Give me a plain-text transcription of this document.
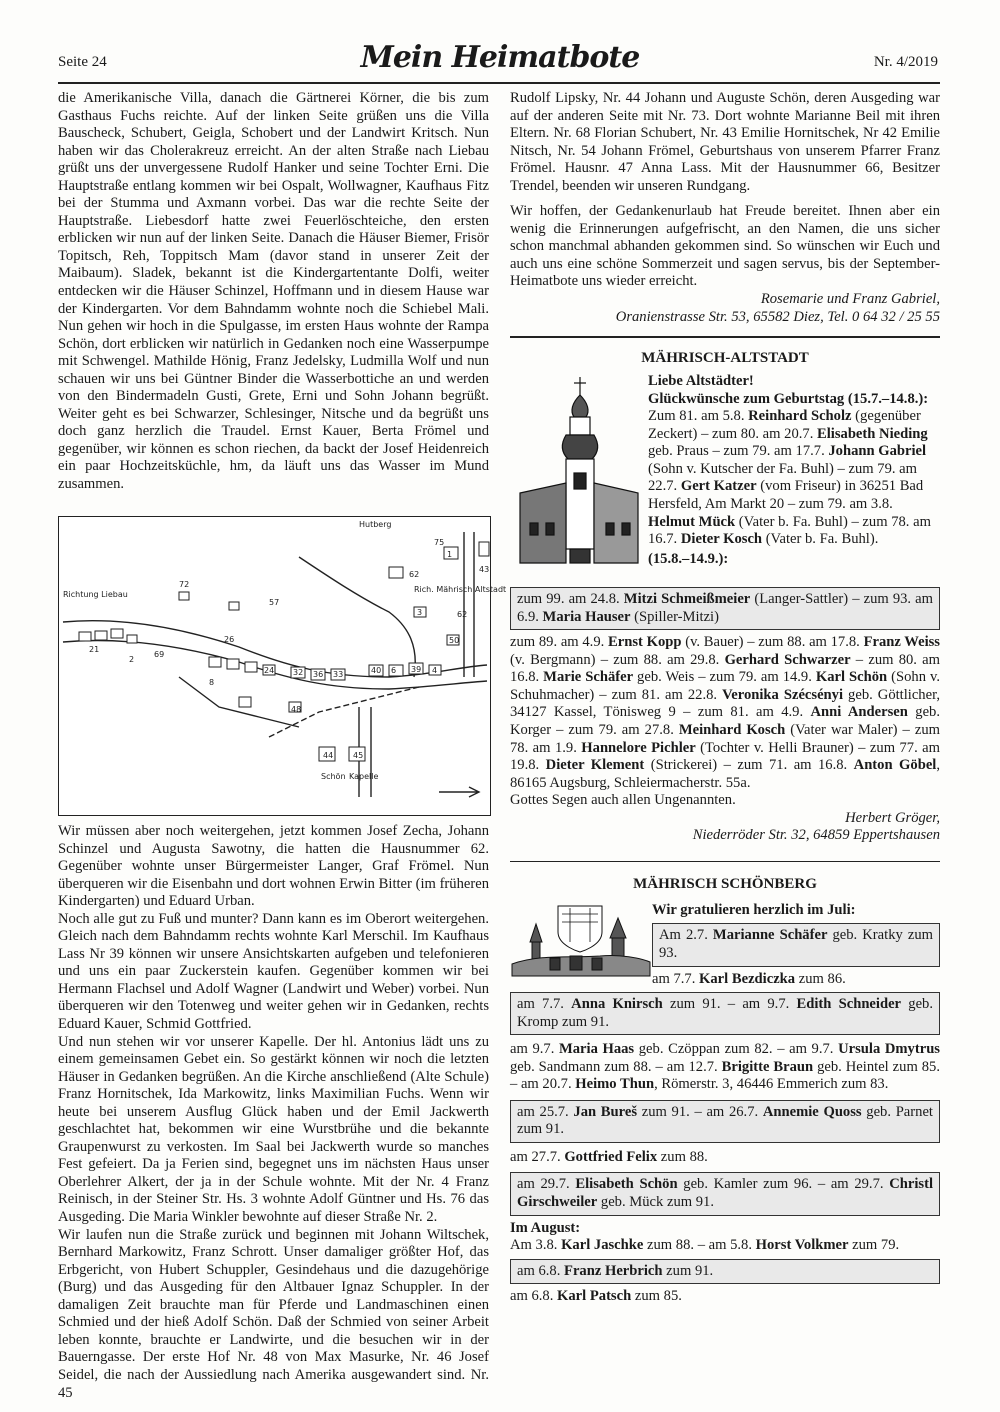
Seite 24	Mein Heimatbote	Nr. 4/2019

die Amerikanische Villa, danach die Gärtnerei Körner, die bis zum Gasthaus Fuchs reichte. Auf der linken Seite grüßen uns die Villa Bauscheck, Schubert, Geigla, Schobert und der Landwirt Kritsch. Nun haben wir das Cholerakreuz erreicht. An der alten Straße nach Liebau grüßt uns der unvergessene Rudolf Hanker und seine Tochter Erni. Die Hauptstraße entlang kommen wir bei Ospalt, Wollwagner, Kaufhaus Fitz bei der Stumma und Axmann vorbei. Das war die rechte Seite der Hauptstraße. Liebesdorf hatte zwei Feuerlöschteiche, den ersten erblicken wir nun auf der linken Seite. Danach die Häuser Biemer, Frisör Topitsch, Reh, Toppitsch Mam (davor stand in unserer Zeit der Maibaum). Sladek, bekannt ist die Kindergartentante Dolfi, weiter entdecken wir die Häuser Schinzel, Hoffmann und in diesem Hause war der Kindergarten. Vor dem Bahndamm wohnte noch die Schiebel Mali. Nun gehen wir hoch in die Spulgasse, im ersten Haus wohnte der Rampa Schön, dort erblicken wir natürlich in Gedanken noch eine Wasserpumpe mit Schwengel. Mathilde Hönig, Franz Jedelsky, Ludmilla Wolf und nun schauen wir uns bei Güntner Binder die Wasserbottiche an und werden von den Bindermadeln Gusti, Grete, Erni und Sohn Johann begrüßt. Weiter geht es bei Schwarzer, Schlesinger, Nitsche und da begrüßt uns doch ganz herzlich die Traudel. Ernst Kauer, Berta Frömel und gegenüber, wir können es schon riechen, da backt der Josef Heidenreich ein paar Hochzeitsküchle, hm, da läuft uns das Wasser im Mund zusammen.

Richtung Liebau
Hutberg
Rich. Mährisch Altstadt
Schön Kapelle
72
57
75
1
62
3
50
39
44 45
40 6
33
36
32
24
21
8
26
43
4
2
69
62
48

Wir müssen aber noch weitergehen, jetzt kommen Josef Zecha, Johann Schinzel und Augusta Sawotny, die hatten die Hausnummer 62. Gegenüber wohnte unser Bürgermeister Langer, Graf Frömel. Nun überqueren wir die Eisenbahn und dort wohnen Erwin Bitter (im früheren Kindergarten) und Eduard Urban.

Noch alle gut zu Fuß und munter? Dann kann es im Oberort weitergehen. Gleich nach dem Bahndamm rechts wohnte Karl Merschil. Im Kaufhaus Lass Nr 39 können wir unsere Ansichtskarten aufgeben und telefonieren und uns ein paar Zuckerstein kaufen. Gegenüber kommen wir bei Hermann Flachsel und Adolf Wagner (Landwirt und Weber) vorbei. Nun überqueren wir den Totenweg und weiter gehen wir in Gedanken, rechts Eduard Kauer, Schmid Gottfried.

Und nun stehen wir vor unserer Kapelle. Der hl. Antonius lädt uns zu einem gemeinsamen Gebet ein. So gestärkt können wir noch die letzten Häuser in Gedanken begrüßen. An die Kirche anschließend (Alte Schule) Franz Hornitschek, Ida Markowitz, links Maximilian Fuchs. Wenn wir heute bei unserem Ausflug Glück haben und der Emil Jackwerth geschlachtet hat, bekommen wir eine Wurstbrühe und die bekannte Graupenwurst zu verkosten. Im Saal bei Jackwerth wurde so manches Fest gefeiert. Da ja Ferien sind, begegnet uns im nächsten Haus unser Oberlehrer Alkert, der ja in der Schule wohnte. Mit der Nr. 4 Franz Reinisch, in der Steiner Str. Hs. 3 wohnte Adolf Güntner und Hs. 76 das Ausgeding. Die Maria Winkler bewohnte auf dieser Straße Nr. 2.

Wir laufen nun die Straße zurück und beginnen mit Johann Wiltschek, Bernhard Markowitz, Franz Schrott. Unser damaliger größter Hof, das Erbgericht, von Hubert Schuppler, Gesindehaus und die dazugehörige (Burg) und das Ausgeding für den Altbauer Ignaz Schuppler. In der damaligen Zeit brauchte man für Pferde und Landmaschinen einen Schmied und der hieß Adolf Schön. Daß der Schmied von seiner Arbeit leben konnte, brauchte er Landwirte, und die besuchen wir in der Bauerngasse. Der erste Hof Nr. 48 von Max Masurke, Nr. 46 Josef Seidel, die nach der Aussiedlung nach Amerika ausgewandert sind. Nr. 45

Rudolf Lipsky, Nr. 44 Johann und Auguste Schön, deren Ausgeding war auf der anderen Seite mit Nr. 73. Dort wohnte Marianne Beil mit ihren Eltern. Nr. 68 Florian Schubert, Nr. 43 Emilie Hornitschek, Nr 42 Emilie Nitsch, Nr. 54 Johann Frömel, Geburtshaus von unserem Pfarrer Franz Frömel. Hausnr. 47 Anna Lass. Mit der Hausnummer 66, Besitzer Trendel, beenden wir unseren Rundgang.

Wir hoffen, der Gedankenurlaub hat Freude bereitet. Ihnen aber ein wenig die Erinnerungen aufgefrischt, an den Namen, die uns sicher schon manchmal abhanden gekommen sind. So wünschen wir Euch und auch uns eine schöne Sommerzeit und sagen servus, bis der September-Heimatbote uns wieder erreicht.

Rosemarie und Franz Gabriel,

Oranienstrasse Str. 53, 65582 Diez, Tel. 0 64 32 / 25 55

MÄHRISCH-ALTSTADT
Liebe Altstädter!
Glückwünsche zum Geburtstag (15.7.–14.8.):
Zum 81. am 5.8. Reinhard Scholz (gegenüber Zeckert) – zum 80. am 20.7. Elisabeth Nieding geb. Praus – zum 79. am 17.7. Johann Gabriel (Sohn v. Kutscher der Fa. Buhl) – zum 79. am 22.7. Gert Katzer (vom Friseur) in 36251 Bad Hersfeld, Am Markt 20 – zum 79. am 3.8. Helmut Mück (Vater b. Fa. Buhl) – zum 78. am 16.7. Dieter Kosch (Vater b. Fa. Buhl).
(15.8.–14.9.):
zum 99. am 24.8. Mitzi Schmeißmeier (Langer-Sattler) – zum 93. am 6.9. Maria Hauser (Spiller-Mitzi)

zum 89. am 4.9. Ernst Kopp (v. Bauer) – zum 88. am 17.8. Franz Weiss (v. Bergmann) – zum 88. am 29.8. Gerhard Schwarzer – zum 80. am 16.8. Marie Schäfer geb. Weis – zum 79. am 14.9. Karl Schön (Sohn v. Schuhmacher) – zum 81. am 22.8. Veronika Szécsényi geb. Göttlicher, 34127 Kassel, Tönisweg 9 – zum 81. am 4.9. Anni Andersen geb. Korger – zum 79. am 27.8. Meinhard Kosch (Vater war Maler) – zum 78. am 1.9. Hannelore Pichler (Tochter v. Helli Brauner) – zum 77. am 19.8. Dieter Klement (Strickerei) – zum 71. am 16.8. Anton Göbel, 86165 Augsburg, Schleiermacherstr. 55a.

Gottes Segen auch allen Ungenannten.

Herbert Gröger,

Niederröder Str. 32, 64859 Eppertshausen

MÄHRISCH SCHÖNBERG
Wir gratulieren herzlich im Juli:
Am 2.7. Marianne Schäfer geb. Kratky zum 93.
am 7.7. Karl Bezdiczka zum 86.
am 7.7. Anna Knirsch zum 91. – am 9.7. Edith Schneider geb. Kromp zum 91.

am 9.7. Maria Haas geb. Czöppan zum 82. – am 9.7. Ursula Dmytrus geb. Sandmann zum 88. – am 12.7. Brigitte Braun geb. Heintel zum 85. – am 20.7. Heimo Thun, Römerstr. 3, 46446 Emmerich zum 83.

am 25.7. Jan Bureš zum 91. – am 26.7. Annemie Quoss geb. Parnet zum 91.

am 27.7. Gottfried Felix zum 88.

am 29.7. Elisabeth Schön geb. Kamler zum 96. – am 29.7. Christl Girschweiler geb. Mück zum 91.

Im August:

Am 3.8. Karl Jaschke zum 88. – am 5.8. Horst Volkmer zum 79.

am 6.8. Franz Herbrich zum 91.

am 6.8. Karl Patsch zum 85.
